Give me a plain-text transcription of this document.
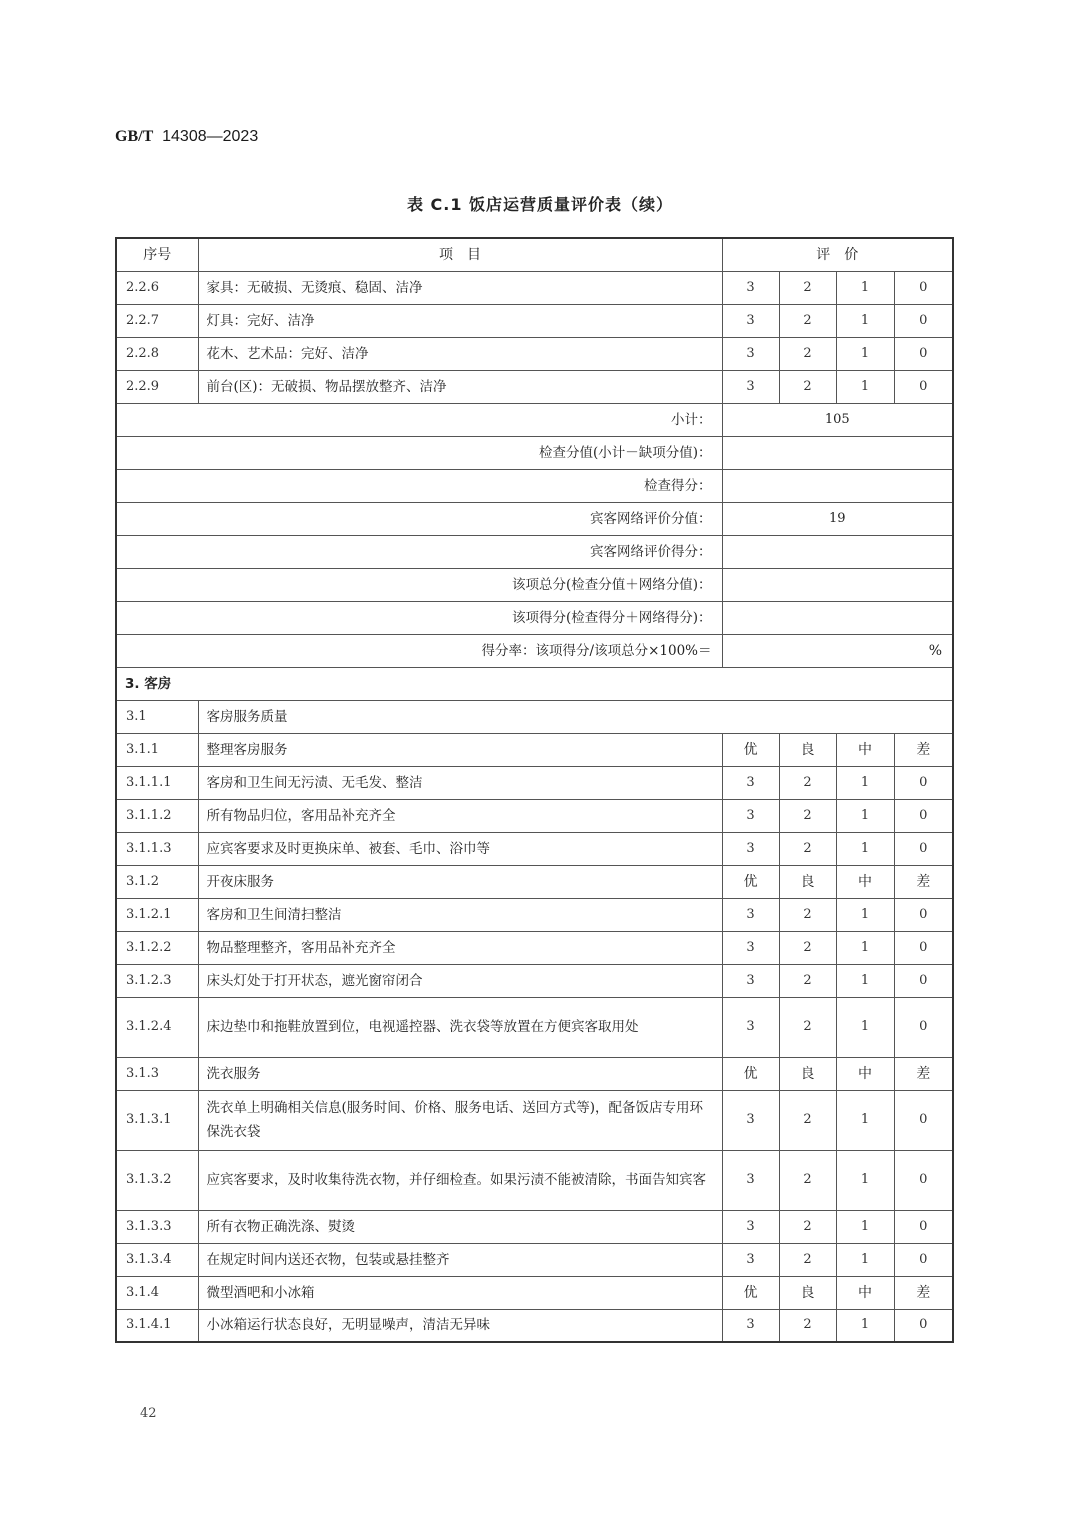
GB/T 14308—2023
表 C.1 饭店运营质量评价表（续）
序号	项　目	评　价			
2.2.6	家具：无破损、无烫痕、稳固、洁净	3	2	1	0
2.2.7	灯具：完好、洁净	3	2	1	0
2.2.8	花木、艺术品：完好、洁净	3	2	1	0
2.2.9	前台(区)：无破损、物品摆放整齐、洁净	3	2	1	0
小计：		105			
检查分值(小计－缺项分值)：					
检查得分：					
宾客网络评价分值：		19			
宾客网络评价得分：					
该项总分(检查分值＋网络分值)：					
该项得分(检查得分＋网络得分)：					
得分率：该项得分/该项总分×100%＝		%			
3. 客房					
3.1	客房服务质量				
3.1.1	整理客房服务	优	良	中	差
3.1.1.1	客房和卫生间无污渍、无毛发、整洁	3	2	1	0
3.1.1.2	所有物品归位，客用品补充齐全	3	2	1	0
3.1.1.3	应宾客要求及时更换床单、被套、毛巾、浴巾等	3	2	1	0
3.1.2	开夜床服务	优	良	中	差
3.1.2.1	客房和卫生间清扫整洁	3	2	1	0
3.1.2.2	物品整理整齐，客用品补充齐全	3	2	1	0
3.1.2.3	床头灯处于打开状态，遮光窗帘闭合	3	2	1	0
3.1.2.4	床边垫巾和拖鞋放置到位，电视遥控器、洗衣袋等放置在方便宾客取用处	3	2	1	0
3.1.3	洗衣服务	优	良	中	差
3.1.3.1	洗衣单上明确相关信息(服务时间、价格、服务电话、送回方式等)，配备饭店专用环保洗衣袋	3	2	1	0
3.1.3.2	应宾客要求，及时收集待洗衣物，并仔细检查。如果污渍不能被清除，书面告知宾客	3	2	1	0
3.1.3.3	所有衣物正确洗涤、熨烫	3	2	1	0
3.1.3.4	在规定时间内送还衣物，包装或悬挂整齐	3	2	1	0
3.1.4	微型酒吧和小冰箱	优	良	中	差
3.1.4.1	小冰箱运行状态良好，无明显噪声，清洁无异味	3	2	1	0
42
